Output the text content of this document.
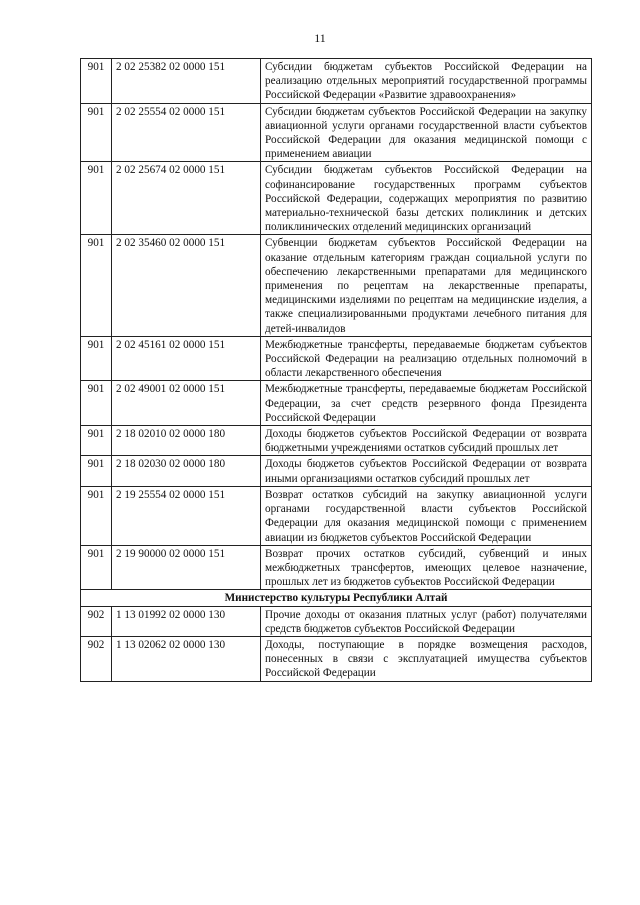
11
901	2 02 25382 02 0000 151	Субсидии бюджетам субъектов Российской Федерации на реализацию отдельных мероприятий государственной программы Российской Федерации «Развитие здравоохранения»
901	2 02 25554 02 0000 151	Субсидии бюджетам субъектов Российской Федерации на закупку авиационной услуги органами государственной власти субъектов Российской Федерации для оказания медицинской помощи с применением авиации
901	2 02 25674 02 0000 151	Субсидии бюджетам субъектов Российской Федерации на софинансирование государственных программ субъектов Российской Федерации, содержащих мероприятия по развитию материально-технической базы детских поликлиник и детских поликлинических отделений медицинских организаций
901	2 02 35460 02 0000 151	Субвенции бюджетам субъектов Российской Федерации на оказание отдельным категориям граждан социальной услуги по обеспечению лекарственными препаратами для медицинского применения по рецептам на лекарственные препараты, медицинскими изделиями по рецептам на медицинские изделия, а также специализированными продуктами лечебного питания для детей-инвалидов
901	2 02 45161 02 0000 151	Межбюджетные трансферты, передаваемые бюджетам субъектов Российской Федерации на реализацию отдельных полномочий в области лекарственного обеспечения
901	2 02 49001 02 0000 151	Межбюджетные трансферты, передаваемые бюджетам Российской Федерации, за счет средств резервного фонда Президента Российской Федерации
901	2 18 02010 02 0000 180	Доходы бюджетов субъектов Российской Федерации от возврата бюджетными учреждениями остатков субсидий прошлых лет
901	2 18 02030 02 0000 180	Доходы бюджетов субъектов Российской Федерации от возврата иными организациями остатков субсидий прошлых лет
901	2 19 25554 02 0000 151	Возврат остатков субсидий на закупку авиационной услуги органами государственной власти субъектов Российской Федерации для оказания медицинской помощи с применением авиации из бюджетов субъектов Российской Федерации
901	2 19 90000 02 0000 151	Возврат прочих остатков субсидий, субвенций и иных межбюджетных трансфертов, имеющих целевое назначение, прошлых лет из бюджетов субъектов Российской Федерации
Министерство культуры Республики Алтай		
902	1 13 01992 02 0000 130	Прочие доходы от оказания платных услуг (работ) получателями средств бюджетов субъектов Российской Федерации
902	1 13 02062 02 0000 130	Доходы, поступающие в порядке возмещения расходов, понесенных в связи с эксплуатацией имущества субъектов Российской Федерации
